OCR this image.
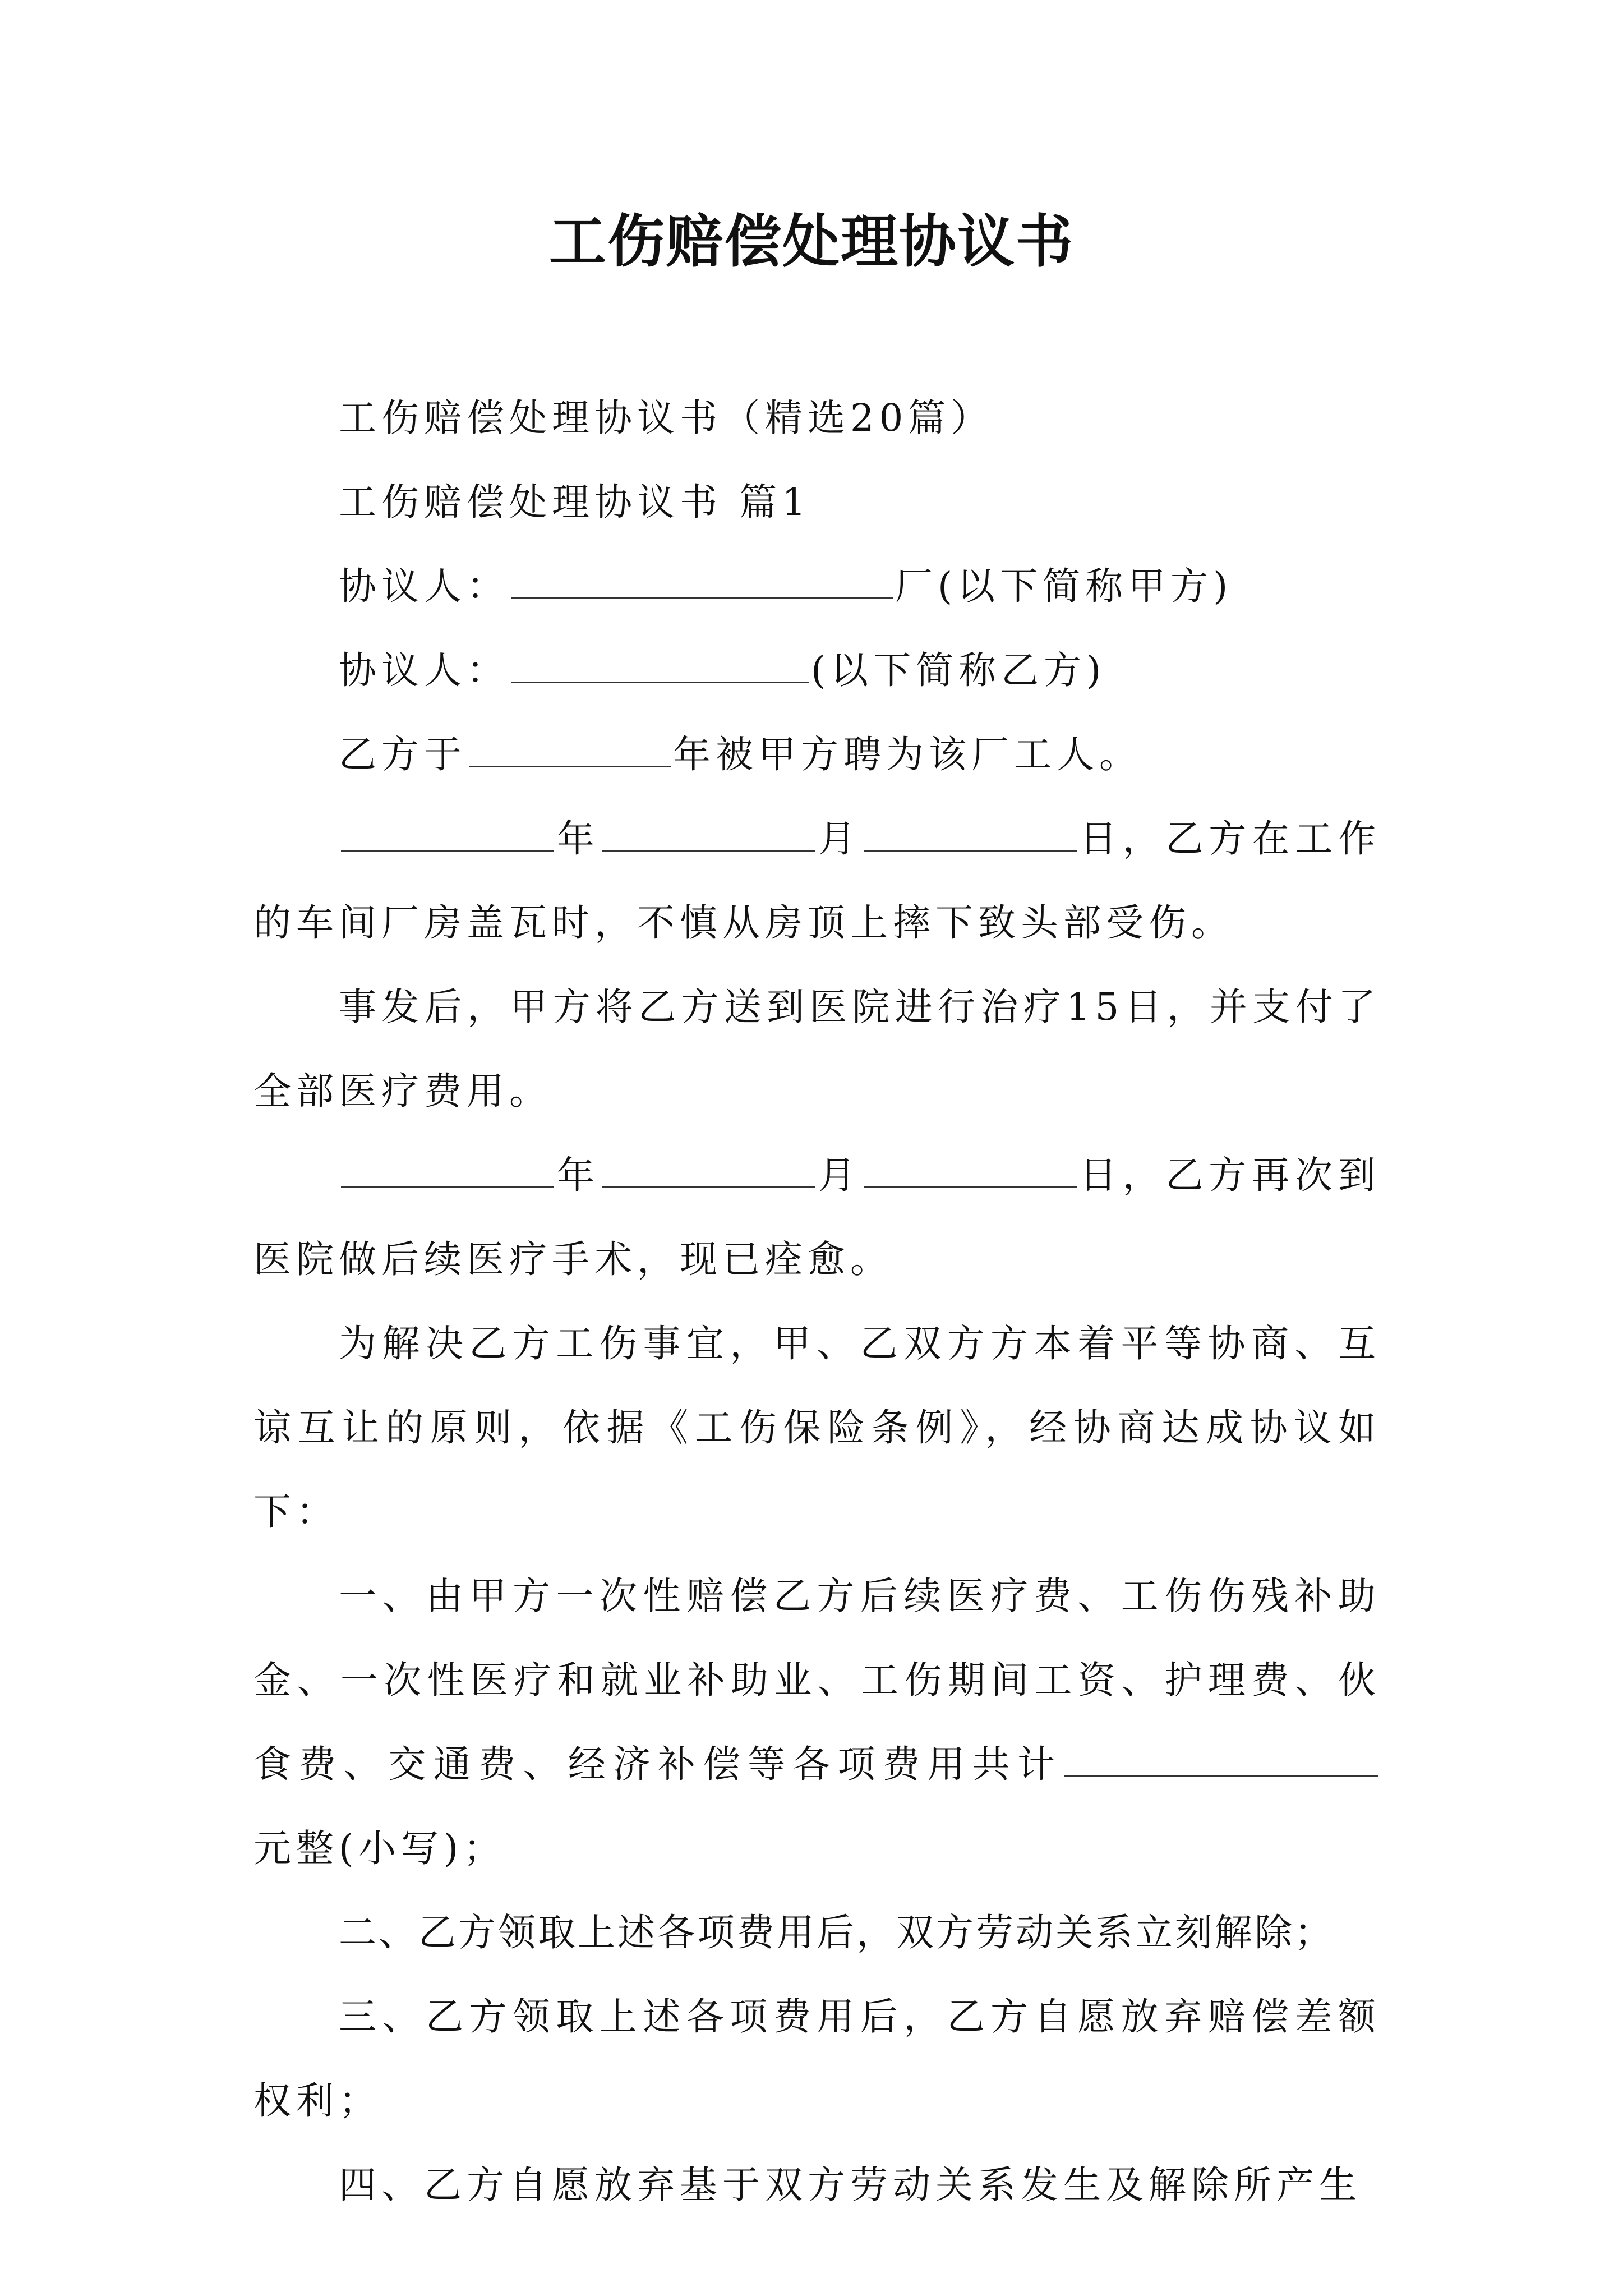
工伤赔偿处理协议书

工伤赔偿处理协议书（精选20篇）

工伤赔偿处理协议书 篇1

协议人：	厂(以下简称甲方)

协议人：	(以下简称乙方)

乙方于	年被甲方聘为该厂工人。

年	月	日，乙方在工作的车间厂房盖瓦时，不慎从房顶上摔下致头部受伤。

事发后，甲方将乙方送到医院进行治疗15日，并支付了全部医疗费用。

年	月	日，乙方再次到医院做后续医疗手术，现已痊愈。

为解决乙方工伤事宜，甲、乙双方方本着平等协商、互谅互让的原则，依据《工伤保险条例》，经协商达成协议如下：

一、由甲方一次性赔偿乙方后续医疗费、工伤伤残补助金、一次性医疗和就业补助业、工伤期间工资、护理费、伙食费、交通费、经济补偿等各项费用共计元整(小写)；

二、乙方领取上述各项费用后，双方劳动关系立刻解除；

三、乙方领取上述各项费用后，乙方自愿放弃赔偿差额权利；

四、乙方自愿放弃基于双方劳动关系发生及解除所产生
